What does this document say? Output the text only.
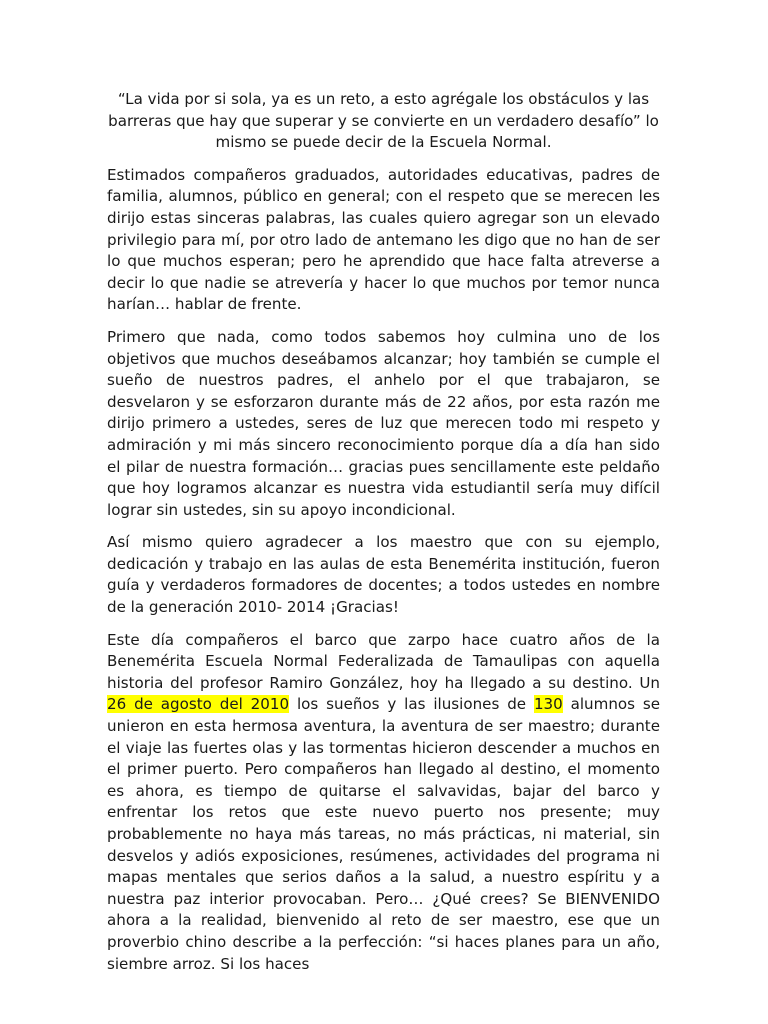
“La vida por si sola, ya es un reto, a esto agrégale los obstáculos y las barreras que hay que superar y se convierte en un verdadero desafío” lo mismo se puede decir de la Escuela Normal.

Estimados compañeros graduados, autoridades educativas, padres de familia, alumnos, público en general; con el respeto que se merecen les dirijo estas sinceras palabras, las cuales quiero agregar son un elevado privilegio para mí, por otro lado de antemano les digo que no han de ser lo que muchos esperan; pero he aprendido que hace falta atreverse a decir lo que nadie se atrevería y hacer lo que muchos por temor nunca harían… hablar de frente.

Primero que nada, como todos sabemos hoy culmina uno de los objetivos que muchos deseábamos alcanzar; hoy también se cumple el sueño de nuestros padres, el anhelo por el que trabajaron, se desvelaron y se esforzaron durante más de 22 años, por esta razón me dirijo primero a ustedes, seres de luz que merecen todo mi respeto y admiración y mi más sincero reconocimiento porque día a día han sido el pilar de nuestra formación… gracias pues sencillamente este peldaño que hoy logramos alcanzar es nuestra vida estudiantil sería muy difícil lograr sin ustedes, sin su apoyo incondicional.

Así mismo quiero agradecer a los maestro que con su ejemplo, dedicación y trabajo en las aulas de esta Benemérita institución, fueron guía y verdaderos formadores de docentes; a todos ustedes en nombre de la generación 2010- 2014 ¡Gracias!

Este día compañeros el barco que zarpo hace cuatro años de la Benemérita Escuela Normal Federalizada de Tamaulipas con aquella historia del profesor Ramiro González, hoy ha llegado a su destino. Un 26 de agosto del 2010 los sueños y las ilusiones de 130 alumnos se unieron en esta hermosa aventura, la aventura de ser maestro; durante el viaje las fuertes olas y las tormentas hicieron descender a muchos en el primer puerto. Pero compañeros han llegado al destino, el momento es ahora, es tiempo de quitarse el salvavidas, bajar del barco y enfrentar los retos que este nuevo puerto nos presente; muy probablemente no haya más tareas, no más prácticas, ni material, sin desvelos y adiós exposiciones, resúmenes, actividades del programa ni mapas mentales que serios daños a la salud, a nuestro espíritu y a nuestra paz interior provocaban. Pero… ¿Qué crees? Se BIENVENIDO ahora a la realidad, bienvenido al reto de ser maestro, ese que un proverbio chino describe a la perfección: “si haces planes para un año, siembre arroz. Si los haces
